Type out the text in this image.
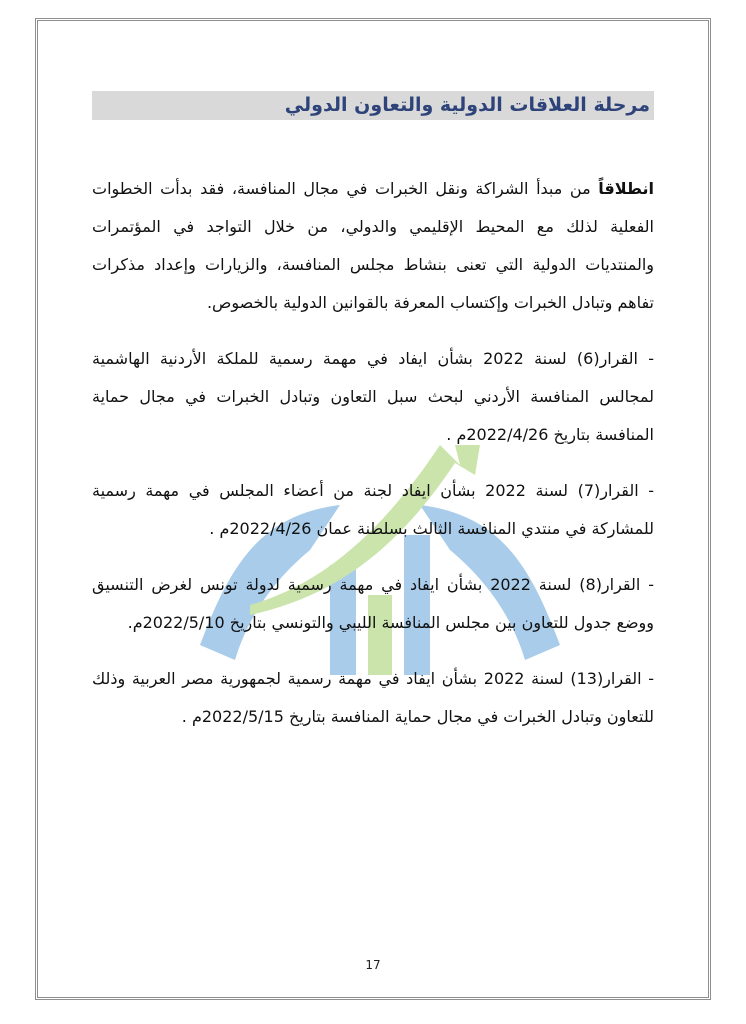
مرحلة العلاقات الدولية والتعاون الدولي

انطلاقاً من مبدأ الشراكة ونقل الخبرات في مجال المنافسة، فقد بدأت الخطوات الفعلية لذلك مع المحيط الإقليمي والدولي، من خلال التواجد في المؤتمرات والمنتديات الدولية التي تعنى بنشاط مجلس المنافسة، والزيارات وإعداد مذكرات تفاهم وتبادل الخبرات وإكتساب المعرفة بالقوانين الدولية بالخصوص.

- القرار(6) لسنة 2022 بشأن ايفاد في مهمة رسمية للملكة الأردنية الهاشمية لمجالس المنافسة الأردني لبحث سبل التعاون وتبادل الخبرات في مجال حماية المنافسة بتاريخ 2022/4/26م .

- القرار(7) لسنة 2022 بشأن ايفاد لجنة من أعضاء المجلس في مهمة رسمية للمشاركة في منتدي المنافسة الثالث بسلطنة عمان 2022/4/26م .

- القرار(8) لسنة 2022 بشأن ايفاد في مهمة رسمية لدولة تونس لغرض التنسيق ووضع جدول للتعاون بين مجلس المنافسة الليبي والتونسي بتاريخ 2022/5/10م.

- القرار(13) لسنة 2022 بشأن ايفاد في مهمة رسمية لجمهورية مصر العربية وذلك للتعاون وتبادل الخبرات في مجال حماية المنافسة بتاريخ 2022/5/15م .

17
